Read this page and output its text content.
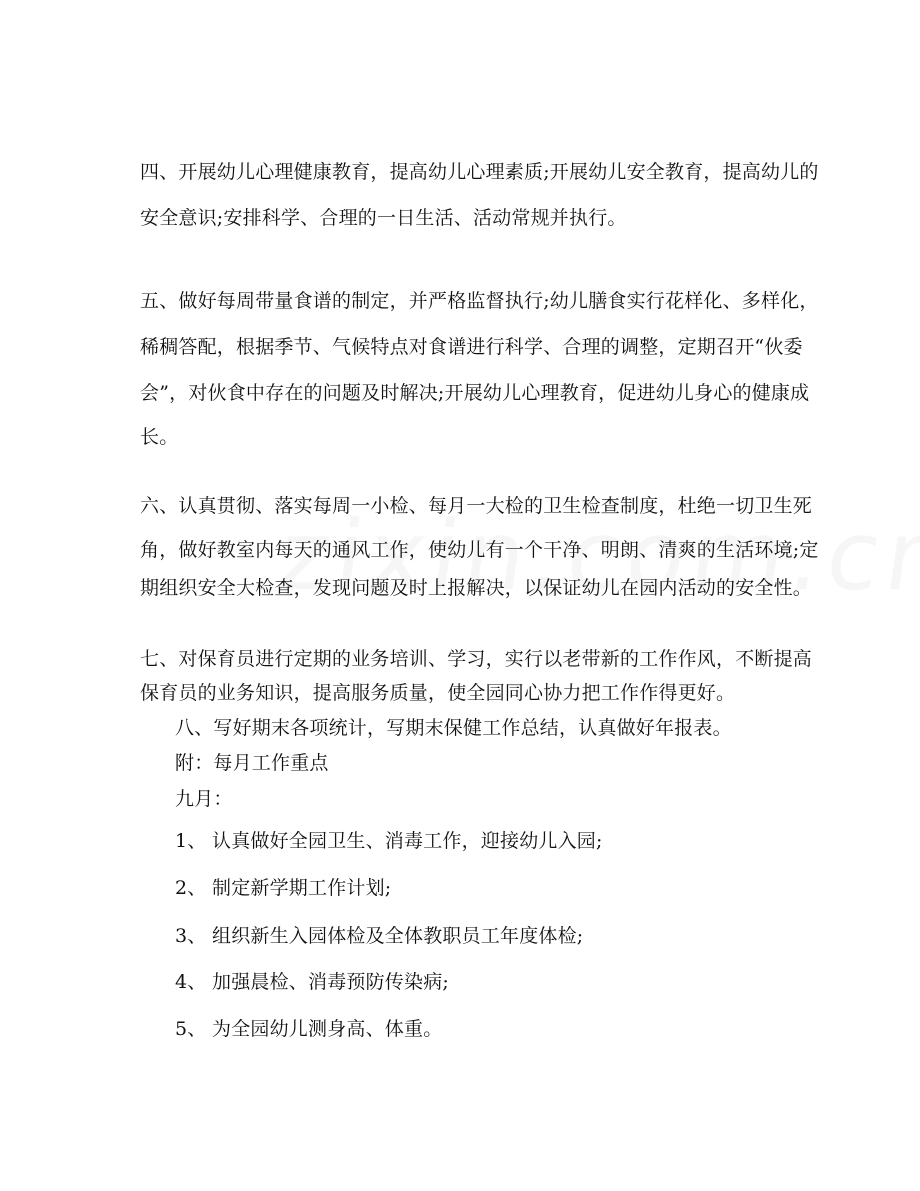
四、开展幼儿心理健康教育，提高幼儿心理素质;开展幼儿安全教育，提高幼儿的
安全意识;安排科学、合理的一日生活、活动常规并执行。
五、做好每周带量食谱的制定，并严格监督执行;幼儿膳食实行花样化、多样化，
稀稠答配，根据季节、气候特点对食谱进行科学、合理的调整，定期召开“伙委
会”，对伙食中存在的问题及时解决;开展幼儿心理教育，促进幼儿身心的健康成
长。
六、认真贯彻、落实每周一小检、每月一大检的卫生检查制度，杜绝一切卫生死
角，做好教室内每天的通风工作，使幼儿有一个干净、明朗、清爽的生活环境;定
期组织安全大检查，发现问题及时上报解决，以保证幼儿在园内活动的安全性。
七、对保育员进行定期的业务培训、学习，实行以老带新的工作作风，不断提高
保育员的业务知识，提高服务质量，使全园同心协力把工作作得更好。
八、写好期末各项统计，写期末保健工作总结，认真做好年报表。
附：每月工作重点
九月：
1、 认真做好全园卫生、消毒工作，迎接幼儿入园;
2、 制定新学期工作计划;
3、 组织新生入园体检及全体教职员工年度体检;
4、 加强晨检、消毒预防传染病;
5、 为全园幼儿测身高、体重。
